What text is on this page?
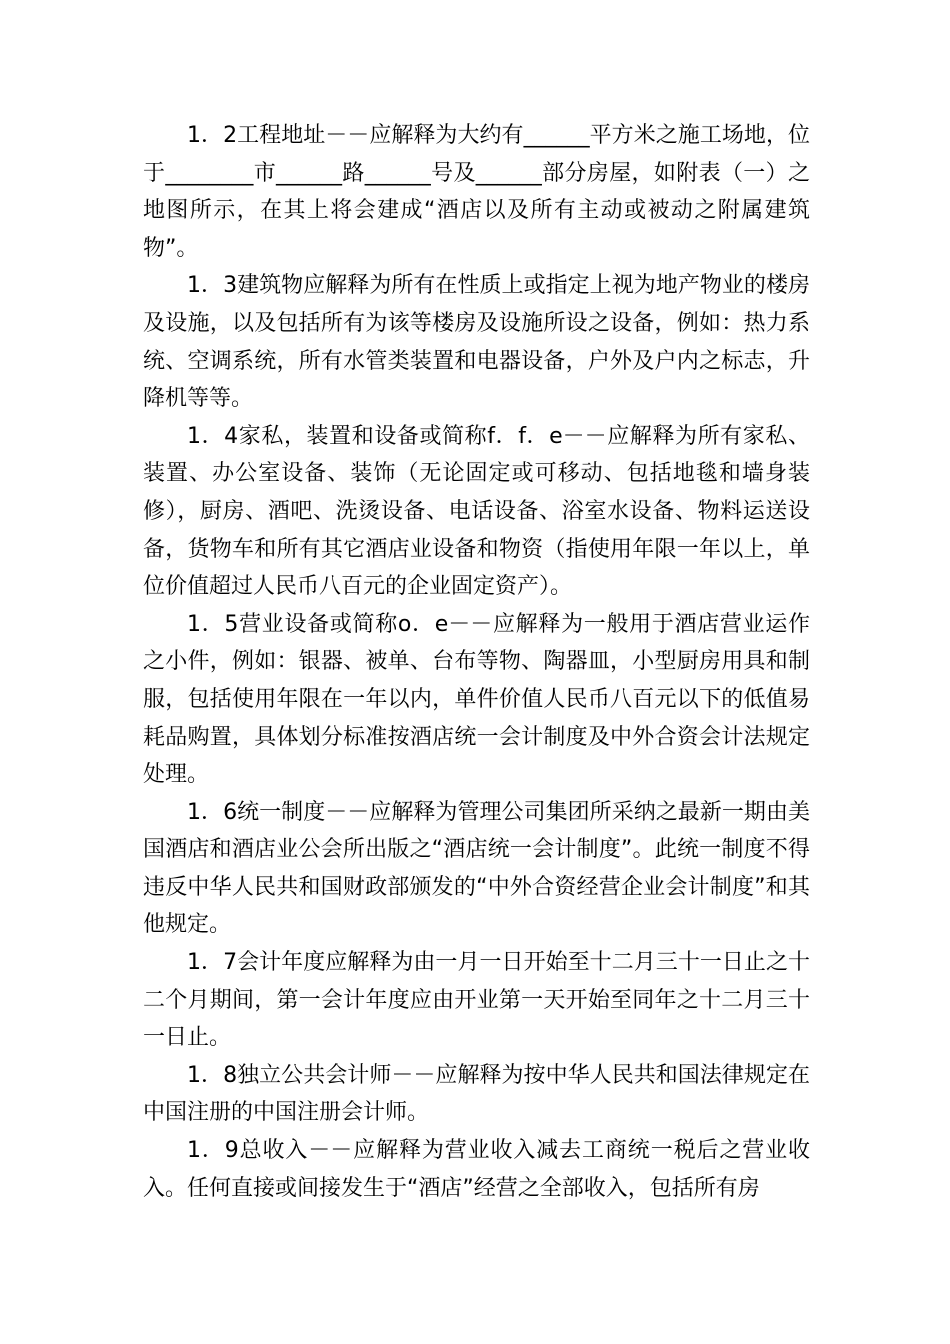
1．2工程地址－－应解释为大约有______平方米之施工场地，位于________市______路______号及______部分房屋，如附表（一）之地图所示，在其上将会建成“酒店以及所有主动或被动之附属建筑物”。

1．3建筑物应解释为所有在性质上或指定上视为地产物业的楼房及设施，以及包括所有为该等楼房及设施所设之设备，例如：热力系统、空调系统，所有水管类装置和电器设备，户外及户内之标志，升降机等等。

1．4家私，装置和设备或简称f．f．e－－应解释为所有家私、装置、办公室设备、装饰（无论固定或可移动、包括地毯和墙身装修），厨房、酒吧、洗烫设备、电话设备、浴室水设备、物料运送设备，货物车和所有其它酒店业设备和物资（指使用年限一年以上，单位价值超过人民币八百元的企业固定资产）。

1．5营业设备或简称o．e－－应解释为一般用于酒店营业运作之小件，例如：银器、被单、台布等物、陶器皿，小型厨房用具和制服，包括使用年限在一年以内，单件价值人民币八百元以下的低值易耗品购置，具体划分标准按酒店统一会计制度及中外合资会计法规定处理。

1．6统一制度－－应解释为管理公司集团所采纳之最新一期由美国酒店和酒店业公会所出版之“酒店统一会计制度”。此统一制度不得违反中华人民共和国财政部颁发的“中外合资经营企业会计制度”和其他规定。

1．7会计年度应解释为由一月一日开始至十二月三十一日止之十二个月期间，第一会计年度应由开业第一天开始至同年之十二月三十一日止。

1．8独立公共会计师－－应解释为按中华人民共和国法律规定在中国注册的中国注册会计师。

1．9总收入－－应解释为营业收入减去工商统一税后之营业收入。任何直接或间接发生于“酒店”经营之全部收入，包括所有房
